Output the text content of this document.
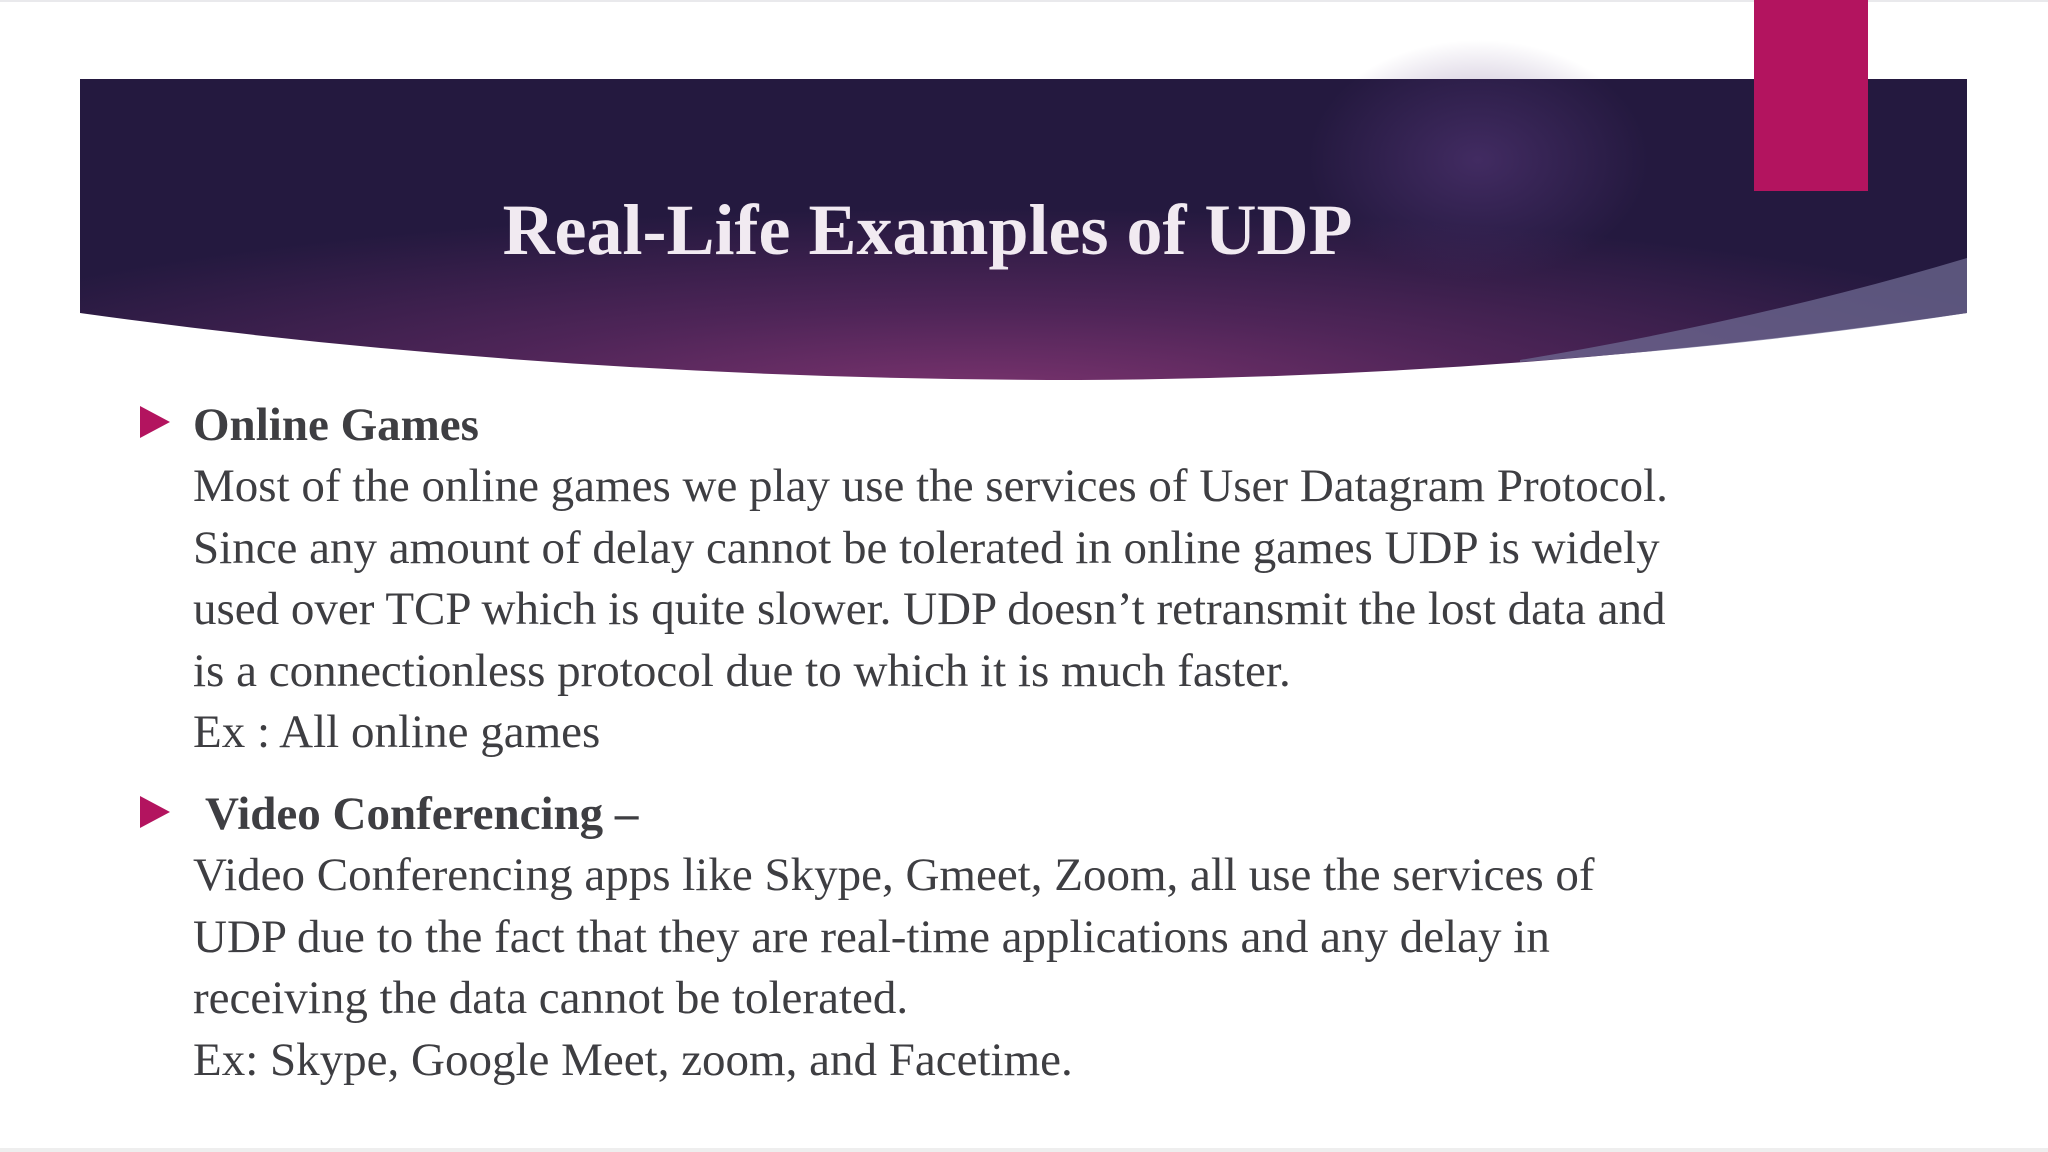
Real-Life Examples of UDP
Online Games
Most of the online games we play use the services of User Datagram Protocol.
Since any amount of delay cannot be tolerated in online games UDP is widely
used over TCP which is quite slower. UDP doesn’t retransmit the lost data and
is a connectionless protocol due to which it is much faster.
Ex : All online games
Video Conferencing –
Video Conferencing apps like Skype, Gmeet, Zoom, all use the services of
UDP due to the fact that they are real-time applications and any delay in
receiving the data cannot be tolerated.
Ex: Skype, Google Meet, zoom, and Facetime.
